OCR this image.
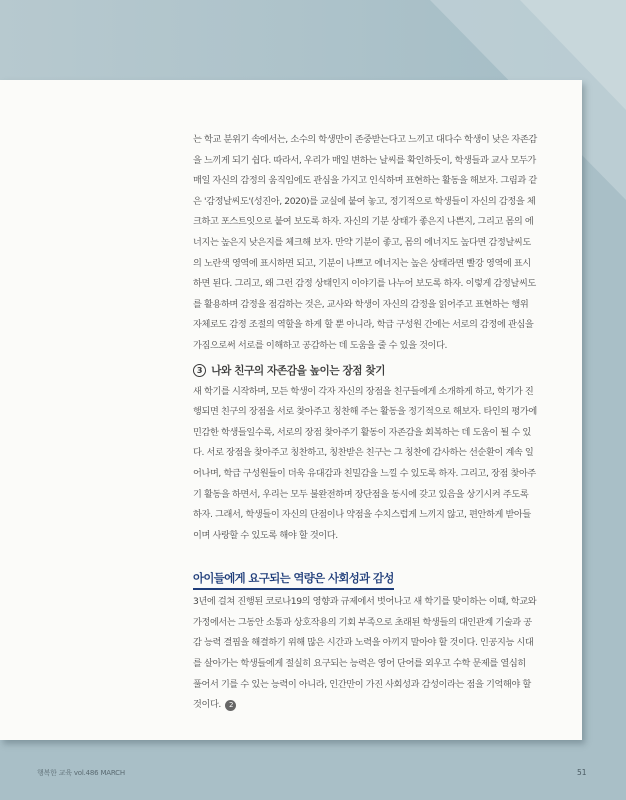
는 학교 분위기 속에서는, 소수의 학생만이 존중받는다고 느끼고 대다수 학생이 낮은 자존감
을 느끼게 되기 쉽다. 따라서, 우리가 매일 변하는 날씨를 확인하듯이, 학생들과 교사 모두가
매일 자신의 감정의 움직임에도 관심을 가지고 인식하며 표현하는 활동을 해보자. 그림과 같
은 '감정날씨도'(성진아, 2020)를 교실에 붙여 놓고, 정기적으로 학생들이 자신의 감정을 체
크하고 포스트잇으로 붙여 보도록 하자. 자신의 기분 상태가 좋은지 나쁜지, 그리고 몸의 에
너지는 높은지 낮은지를 체크해 보자. 만약 기분이 좋고, 몸의 에너지도 높다면 감정날씨도
의 노란색 영역에 표시하면 되고, 기분이 나쁘고 에너지는 높은 상태라면 빨강 영역에 표시
하면 된다. 그리고, 왜 그런 감정 상태인지 이야기를 나누어 보도록 하자. 이렇게 감정날씨도
를 활용하며 감정을 점검하는 것은, 교사와 학생이 자신의 감정을 읽어주고 표현하는 행위
자체로도 감정 조절의 역할을 하게 할 뿐 아니라, 학급 구성원 간에는 서로의 감정에 관심을
가짐으로써 서로를 이해하고 공감하는 데 도움을 줄 수 있을 것이다.
3 나와 친구의 자존감을 높이는 장점 찾기
새 학기를 시작하며, 모든 학생이 각자 자신의 장점을 친구들에게 소개하게 하고, 학기가 진
행되면 친구의 장점을 서로 찾아주고 칭찬해 주는 활동을 정기적으로 해보자. 타인의 평가에
민감한 학생들일수록, 서로의 장점 찾아주기 활동이 자존감을 회복하는 데 도움이 될 수 있
다. 서로 장점을 찾아주고 칭찬하고, 칭찬받은 친구는 그 칭찬에 감사하는 선순환이 계속 일
어나며, 학급 구성원들이 더욱 유대감과 친밀감을 느낄 수 있도록 하자. 그리고, 장점 찾아주
기 활동을 하면서, 우리는 모두 불완전하며 장단점을 동시에 갖고 있음을 상기시켜 주도록
하자. 그래서, 학생들이 자신의 단점이나 약점을 수치스럽게 느끼지 않고, 편안하게 받아들
이며 사랑할 수 있도록 해야 할 것이다.
아이들에게 요구되는 역량은 사회성과 감성
3년에 걸쳐 진행된 코로나19의 영향과 규제에서 벗어나고 새 학기를 맞이하는 이때, 학교와
가정에서는 그동안 소통과 상호작용의 기회 부족으로 초래된 학생들의 대인관계 기술과 공
감 능력 결핍을 해결하기 위해 많은 시간과 노력을 아끼지 말아야 할 것이다. 인공지능 시대
를 살아가는 학생들에게 절실히 요구되는 능력은 영어 단어를 외우고 수학 문제를 열심히
풀어서 기를 수 있는 능력이 아니라, 인간만이 가진 사회성과 감성이라는 점을 기억해야 할
것이다. 2
행복한 교육 vol.486 MARCH	51
